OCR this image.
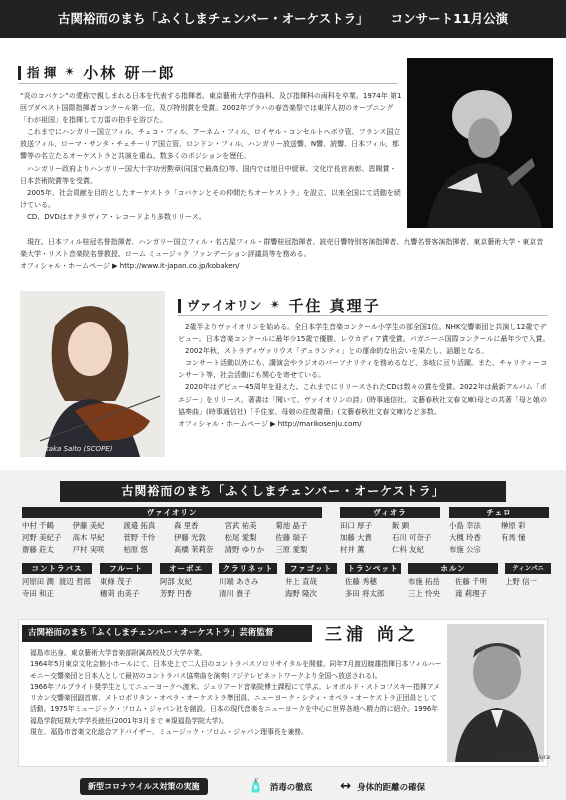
古関裕而のまち「ふくしまチェンバー・オーケストラ」 コンサート11月公演
指 揮 ✴ 小林 研一郎

“炎のコバケン”の愛称で親しまれる日本を代表する指揮者。東京藝術大学作曲科、及び指揮科の両科を卒業。1974年 第1回ブダペスト国際指揮者コンクール第一位、及び特別賞を受賞。2002年プラハの春音楽祭では東洋人初のオープニング「わが祖国」を指揮して万雷の拍手を浴びた。

これまでにハンガリー国立フィル、チェコ・フィル、アーネム・フィル、ロイヤル・コンセルトヘボウ管、フランス国立放送フィル、ローマ・サンタ・チェチーリア国立管、ロンドン・フィル、ハンガリー放送響、N響、読響、日本フィル、都響等の名立たるオーケストラと共演を重ね、数多くのポジションを歴任。

ハンガリー政府よりハンガリー国大十字功労勲章(同国で最高位)等、国内では旭日中綬章、文化庁長官表彰、恩賜賞・日本芸術院賞等を受賞。

2005年、社会貢献を目的としたオーケストラ「コバケンとその仲間たちオーケストラ」を設立、以来全国にて活動を続けている。

CD、DVDはオクタヴィア・レコードより多数リリース。

現在、日本フィル桂冠名誉指揮者、ハンガリー国立フィル・名古屋フィル・群響桂冠指揮者、読売日響特別客演指揮者、九響名誉客演指揮者、東京藝術大学・東京音楽大学・リスト音楽院名誉教授、ローム ミュージック ファンデーション評議員等を務める。

オフィシャル・ホームページ ▶ http://www.it-japan.co.jp/kobaken/

©Kiyotaka Saito (SCOPE)
ヴァイオリン ✴ 千住 真理子

2歳半よりヴァイオリンを始める。全日本学生音楽コンクール小学生の部全国1位。NHK交響楽団と共演し12歳でデビュー。日本音楽コンクールに最年少15歳で優勝、レウカディア賞受賞。パガニーニ国際コンクールに最年少で入賞。

2002年秋、ストラディヴァリウス「デュランティ」との運命的な出会いを果たし、話題となる。

コンサート活動以外にも、講演会やラジオのパーソナリティを務めるなど、多岐に亘り活躍。また、チャリティーコンサート等、社会活動にも関心を寄せている。

2020年はデビュー45周年を迎えた。これまでにリリースされたCDは数々の賞を受賞。2022年は最新アルバム「ポエジー」をリリース。著書は「聞いて、ヴァイオリンの詩」(時事通信社、文藝春秋社文春文庫)母との共著「母と娘の協奏曲」(時事通信社)「千住家、母娘の往復書簡」(文藝春秋社文春文庫)など多数。

オフィシャル・ホームページ ▶ http://marikosenju.com/

古関裕而のまち「ふくしまチェンバー・オーケストラ」
ヴァイオリン
中村 千鶴	伊藤 美紀	渡邉 拓真	森 里香	宮武 祐美	菊池 晶子
河野 美紀子	高木 早紀	菅野 千怜	伊藤 光敦	松尾 愛梨	佐藤 瑞子
齋藤 莊太	戸村 実咲	柏原 悠	髙橋 茉莉奈	清野 ゆりか	三原 愛梨
ヴィオラ
田口 厚子	飯 顕
加藤 大貴	石川 可奈子
村井 薫	仁科 友紀
チェロ
小島 幸法	榊原 彩
大槻 玲香	有馬 憧
布施 公宗
コントラバス
河原田 潤 渡辺 哲郎
寺田 和正
フルート
東條 茂子
穗苅 由美子
オーボエ
阿部 友紀
芳野 円香
クラリネット
川端 あさみ
清川 貴子
ファゴット
井上 直哉
海野 隆次
トランペット
佐藤 秀穂
多田 将太郎
ホルン
布施 拓岳	佐藤 千明
三上 怜央	滝 莉理子
ティンパニ
上野 信一
古関裕而のまち「ふくしまチェンバー・オーケストラ」芸術監督	三浦 尚之

福島市出身。東京藝術大学音楽部附属高校及び大学卒業。

1964年5月東京文化会館小ホールにて、日本史上で二人目のコントラバスソロリサイタルを開催。同年7月渡辺暁雄指揮日本フィルハーモニー交響楽団と日本人として最初のコントラバス協奏曲を演奏(フジテレビネットワークより全国へ放送される)。

1966年フルブライト奨学生としてニューヨークへ渡米。ジュリアード音楽院博士課程にて学ぶ。レオポルド・ストコフスキー指揮アメリカン交響楽団副首席、メトロポリタン・オペラ・オーケストラ準団員、ニューヨーク・シティ・オペラ・オーケストラ正団員として活動。1975年ミュージック・フロム・ジャパン社を創設。日本の現代音楽をニューヨークを中心に世界各地へ精力的に紹介。1996年福島学院短期大学学長就任(2001年3月まで ※現福島学院大学)。

現在、福島市音楽文化総合アドバイザー、ミュージック・フロム・ジャパン理事長を兼務。

photo:Yuhka Miura
新型コロナウイルス対策の実施	🧴 消毒の徹底 ↔ 身体的距離の確保
